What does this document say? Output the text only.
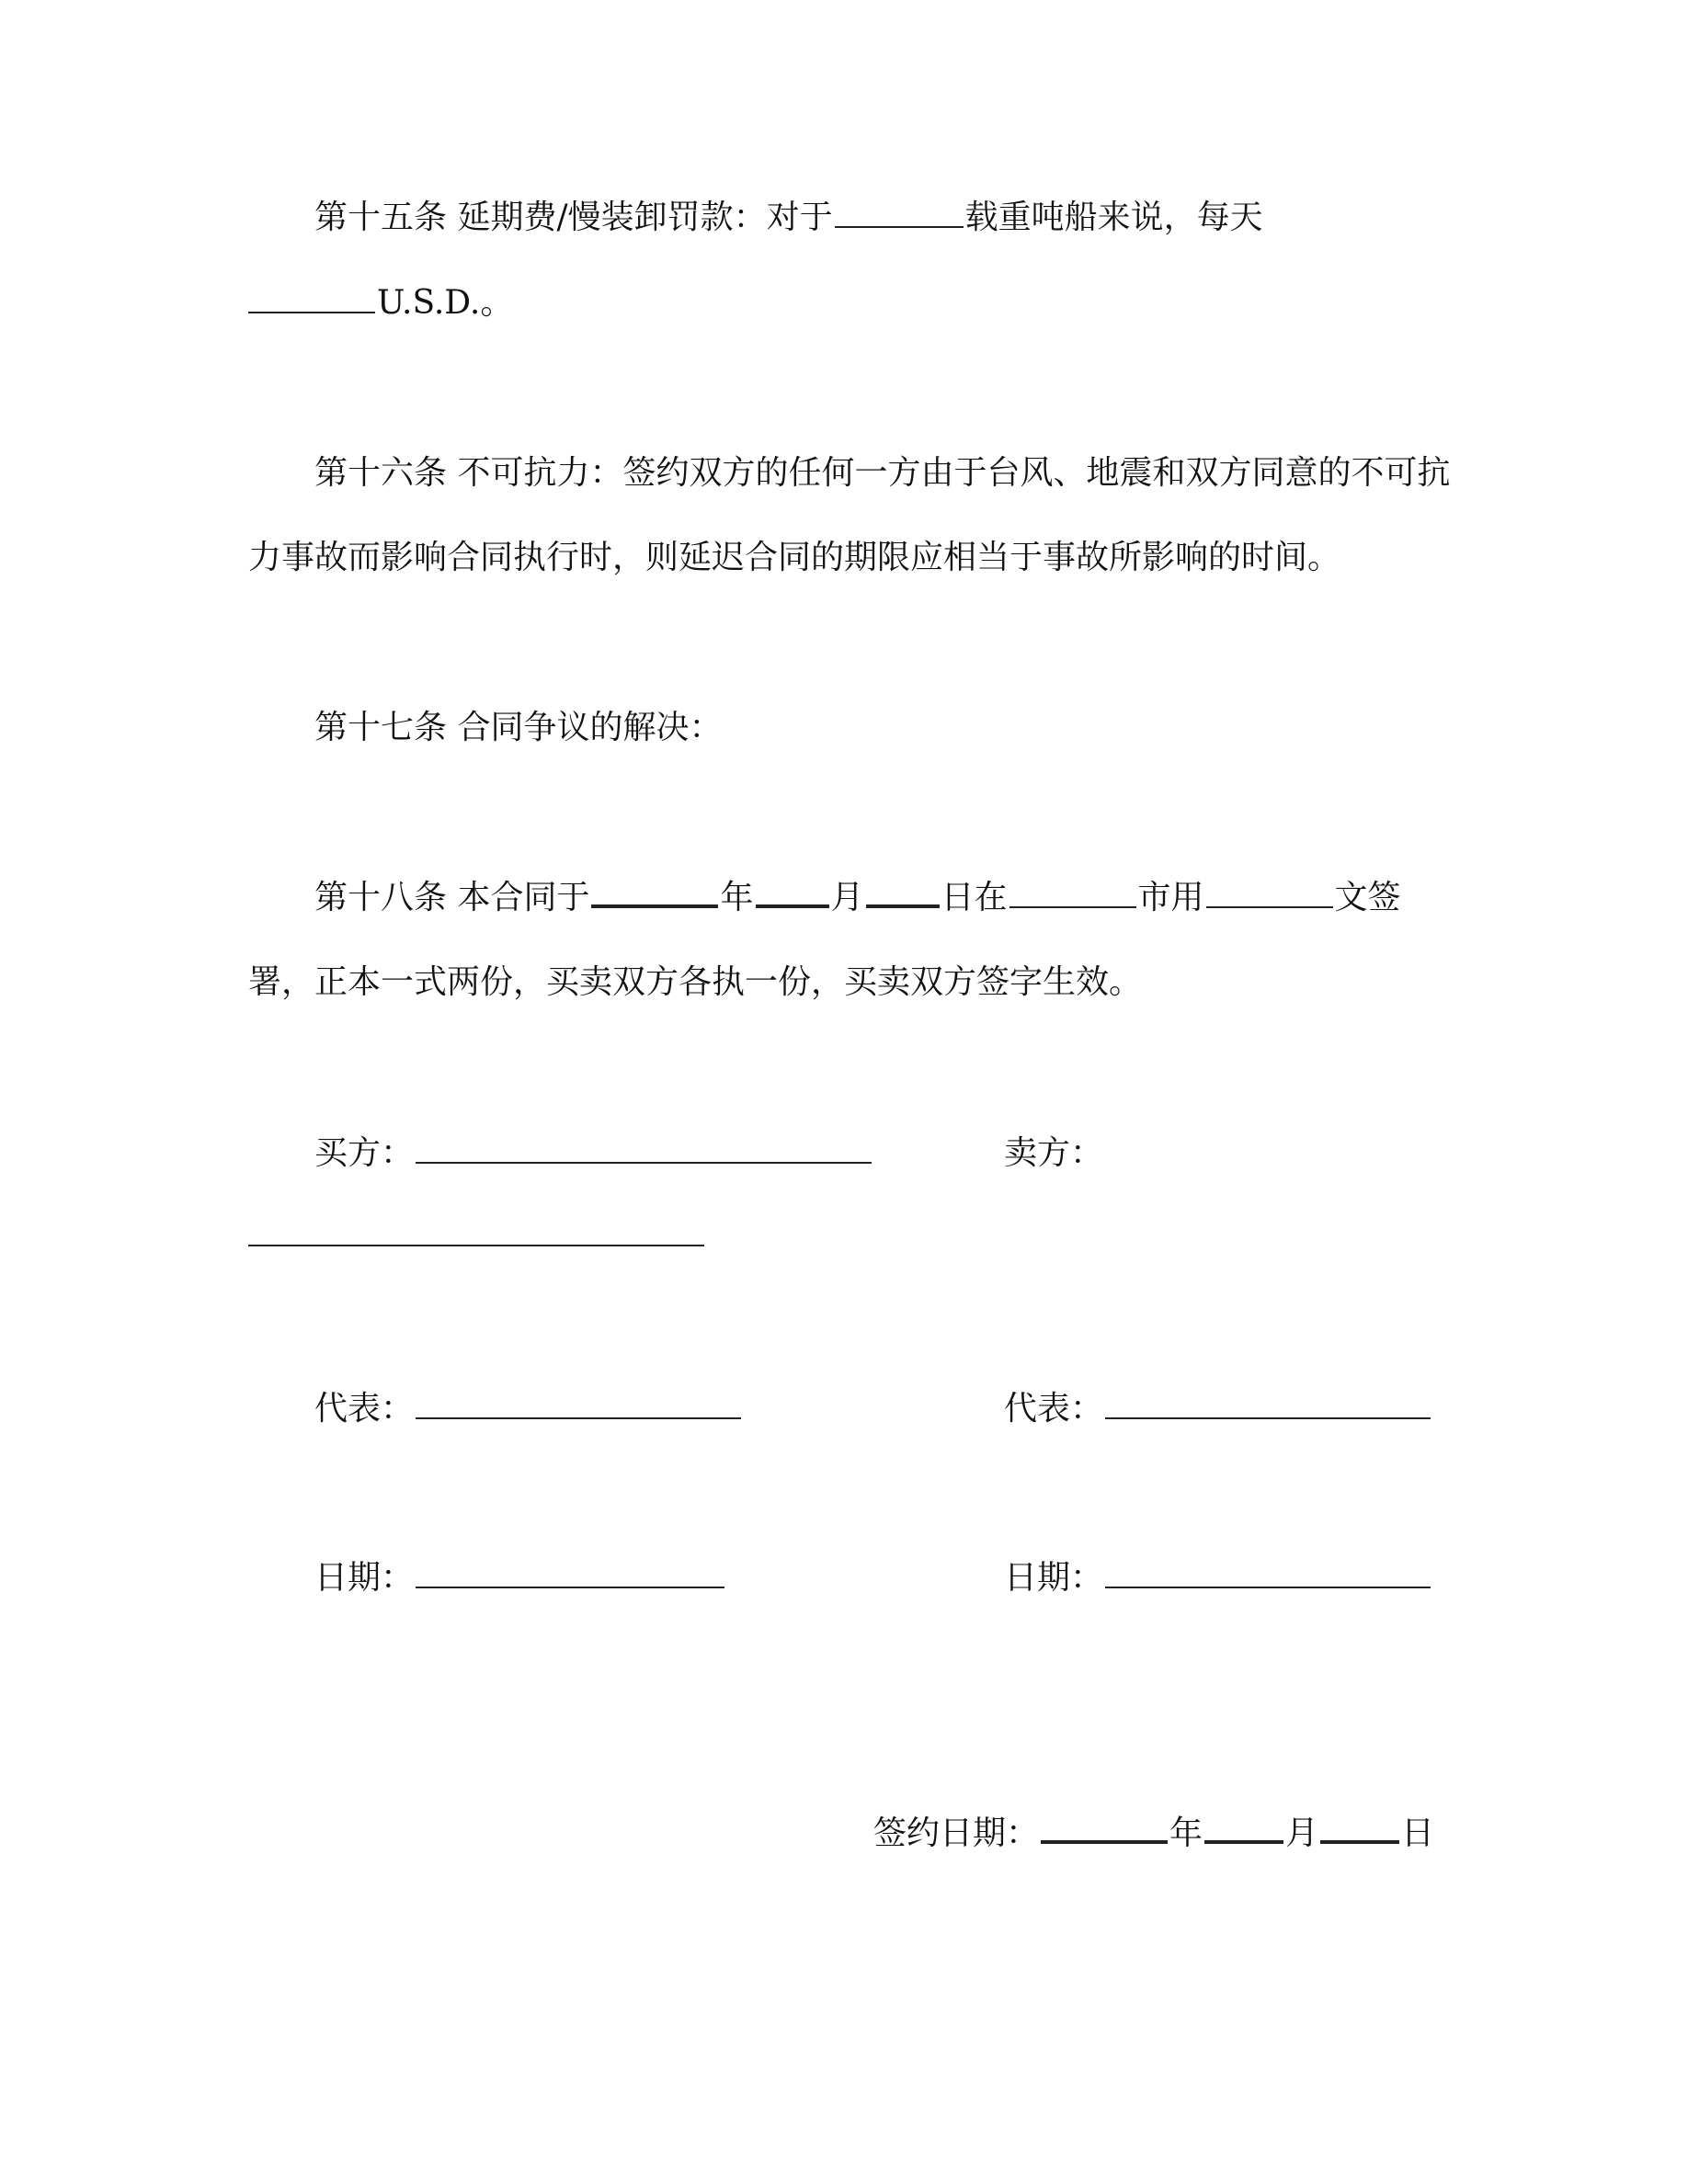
第十五条 延期费/慢装卸罚款：对于	载重吨船来说，每天
U.S.D.。
第十六条 不可抗力：签约双方的任何一方由于台风、地震和双方同意的不可抗
力事故而影响合同执行时，则延迟合同的期限应相当于事故所影响的时间。
第十七条 合同争议的解决：
第十八条 本合同于	年 月 日在	市用	文签
署，正本一式两份，买卖双方各执一份，买卖双方签字生效。
买方：	卖方：
代表：	代表：
日期：	日期：
签约日期：	年	月	日
